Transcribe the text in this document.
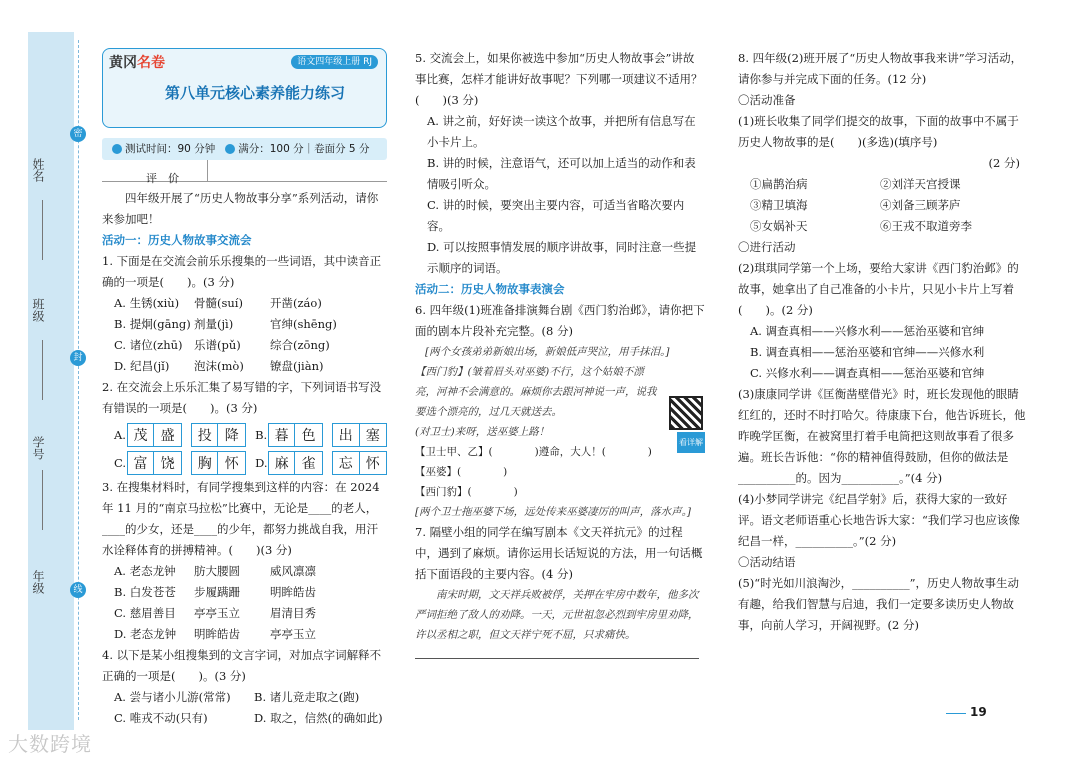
姓名
班级
学号
年级
密
封
线
黄冈名卷	语文四年级上册 RJ
第八单元核心素养能力练习
测试时间：90 分钟 满分：100 分｜卷面分 5 分
评　价
四年级开展了“历史人物故事分享”系列活动，请你来参加吧！
活动一：历史人物故事交流会
1. 下面是在交流会前乐乐搜集的一些词语，其中读音正确的一项是(　　)。(3 分)
A. 生锈(xiù)	骨髓(suí)	开凿(záo)
B. 提炯(gāng) 剂量(jì)	官绅(shēng)
C. 诸位(zhū) 乐谱(pǔ)	综合(zōng)
D. 纪昌(jǐ)	泡沫(mò)	镣盘(jiàn)
2. 在交流会上乐乐汇集了易写错的字，下列词语书写没有错误的一项是(　　)。(3 分)
A. 茂 盛	投 降	B. 暮 色	出 塞
C. 富 饶	胸 怀	D. 麻 雀	忘 怀
3. 在搜集材料时，有同学搜集到这样的内容：在 2024 年 11 月的“南京马拉松”比赛中，无论是____的老人，____的少女，还是____的少年，都努力挑战自我，用汗水诠释体育的拼搏精神。(　　)(3 分)
A. 老态龙钟	肪大腰圆	威风凛凛
B. 白发苍苍	步履蹒跚	明眸皓齿
C. 慈眉善目	亭亭玉立	眉清目秀
D. 老态龙钟	明眸皓齿	亭亭玉立
4. 以下是某小组搜集到的文言字词，对加点字词解释不正确的一项是(　　)。(3 分)
A. 尝与诸小儿游(常常)	B. 诸儿竞走取之(跑)
C. 唯戎不动(只有)	D. 取之，信然(的确如此)
5. 交流会上，如果你被选中参加“历史人物故事会”讲故事比赛，怎样才能讲好故事呢？下列哪一项建议不适用？(　　)(3 分)
A. 讲之前，好好读一读这个故事，并把所有信息写在小卡片上。
B. 讲的时候，注意语气，还可以加上适当的动作和表情吸引听众。
C. 讲的时候，要突出主要内容，可适当省略次要内容。
D. 可以按照事情发展的顺序讲故事，同时注意一些提示顺序的词语。
活动二：历史人物故事表演会
6. 四年级(1)班准备排演舞台剧《西门豹治邺》，请你把下面的剧本片段补充完整。(8 分)
[两个女孩弟弟新娘出场，新娘低声哭泣，用手抹泪。]
【西门豹】(皱着眉头对巫婆)不行，这个姑娘不漂亮，河神不会满意的。麻烦你去跟河神说一声，说我要选个漂亮的，过几天就送去。
(对卫士)来呀，送巫婆上路！
看详解
【卫士甲、乙】(　　　　)遵命，大人！(　　　　)
【巫婆】(　　　　)
【西门豹】(　　　　)
[两个卫士拖巫婆下场，远处传来巫婆凄厉的叫声，落水声。]
7. 隔壁小组的同学在编写剧本《文天祥抗元》的过程中，遇到了麻烦。请你运用长话短说的方法，用一句话概括下面语段的主要内容。(4 分)
南宋时期，文天祥兵败被俘，关押在牢房中数年，他多次严词拒绝了敌人的劝降。一天，元世祖忽必烈到牢房里劝降，许以丞相之职，但文天祥宁死不屈，只求痛快。
8. 四年级(2)班开展了“历史人物故事我来讲”学习活动，请你参与并完成下面的任务。(12 分)
〇活动准备
(1)班长收集了同学们提交的故事，下面的故事中不属于历史人物故事的是(　　)(多选)(填序号)
(2 分)
①扁鹊治病	②刘洋天宫授课
③精卫填海	④刘备三顾茅庐
⑤女娲补天	⑥王戎不取道旁李
〇进行活动
(2)琪琪同学第一个上场，要给大家讲《西门豹治邺》的故事，她拿出了自己准备的小卡片，只见小卡片上写着(　　)。(2 分)
A. 调查真相——兴修水利——惩治巫婆和官绅
B. 调查真相——惩治巫婆和官绅——兴修水利
C. 兴修水利——调查真相——惩治巫婆和官绅
(3)康康同学讲《匡衡凿壁借光》时，班长发现他的眼睛红红的，还时不时打哈欠。待康康下台，他告诉班长，他昨晚学匡衡，在被窝里打着手电筒把这则故事看了很多遍。班长告诉他：“你的精神值得鼓励，但你的做法是__________的。因为__________。”(4 分)
(4)小梦同学讲完《纪昌学射》后，获得大家的一致好评。语文老师语重心长地告诉大家：“我们学习也应该像纪昌一样，__________。”(2 分)
〇活动结语
(5)“时光如川浪淘沙，__________”，历史人物故事生动有趣，给我们智慧与启迪，我们一定要多读历史人物故事，向前人学习，开阔视野。(2 分)
19
大数跨境
